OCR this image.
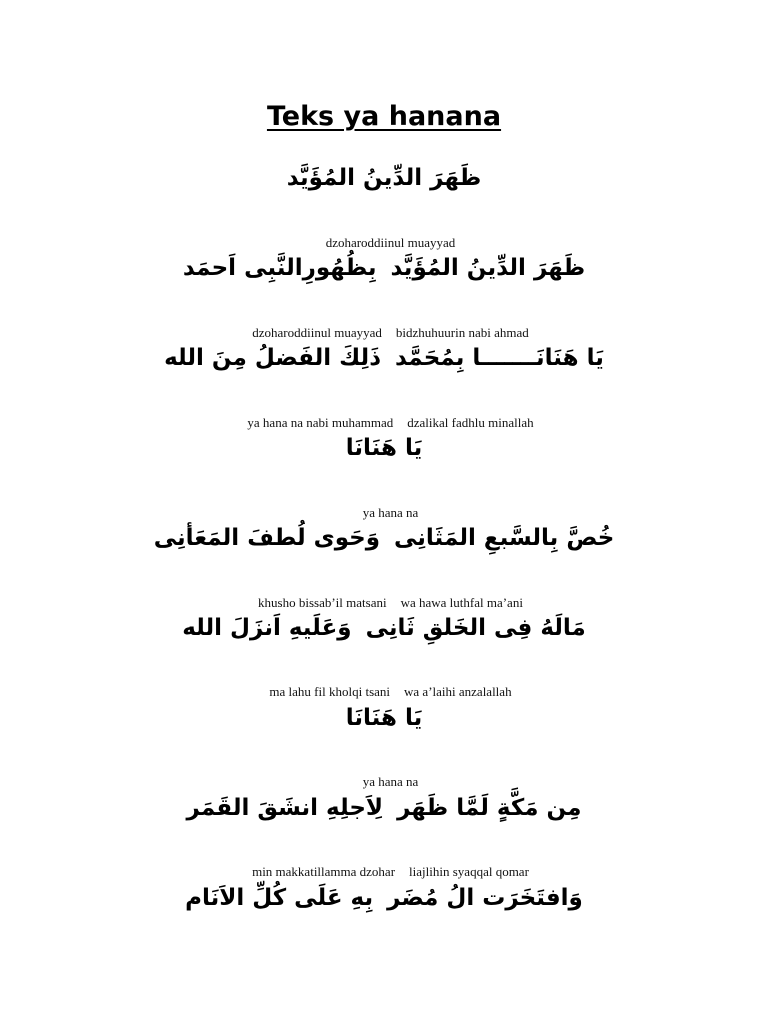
Teks ya hanana
ظَهَرَ الدِّينُ المُؤَيَّد

dzoharoddiinul muayyad

ظَهَرَ الدِّينُ المُؤَيَّدبِظُهُورِالنَّبِى اَحمَد

dzoharoddiinul muayyad bidzhuhuurin nabi ahmad

يَا هَنَانَـــــــا بِمُحَمَّدذَلِكَ الفَضلُ مِنَ الله

ya hana na nabi muhammad dzalikal fadhlu minallah

يَا هَنَانَا

ya hana na

خُصَّ بِالسَّبعِ المَثَانِىوَحَوى لُطفَ المَعَأنِى

khusho bissab’il matsani wa hawa luthfal ma’ani

مَالَهُ فِى الخَلقِ ثَانِىوَعَلَيهِ اَنزَلَ الله

ma lahu fil kholqi tsani wa a’laihi anzalallah

يَا هَنَانَا

ya hana na

مِن مَكَّةٍ لَمَّا ظَهَرلِاَجلِهِ انشَقَ القَمَر

min makkatillamma dzohar liajlihin syaqqal qomar

وَافتَخَرَت الُ مُضَربِهِ عَلَى كُلِّ الاَنَام
